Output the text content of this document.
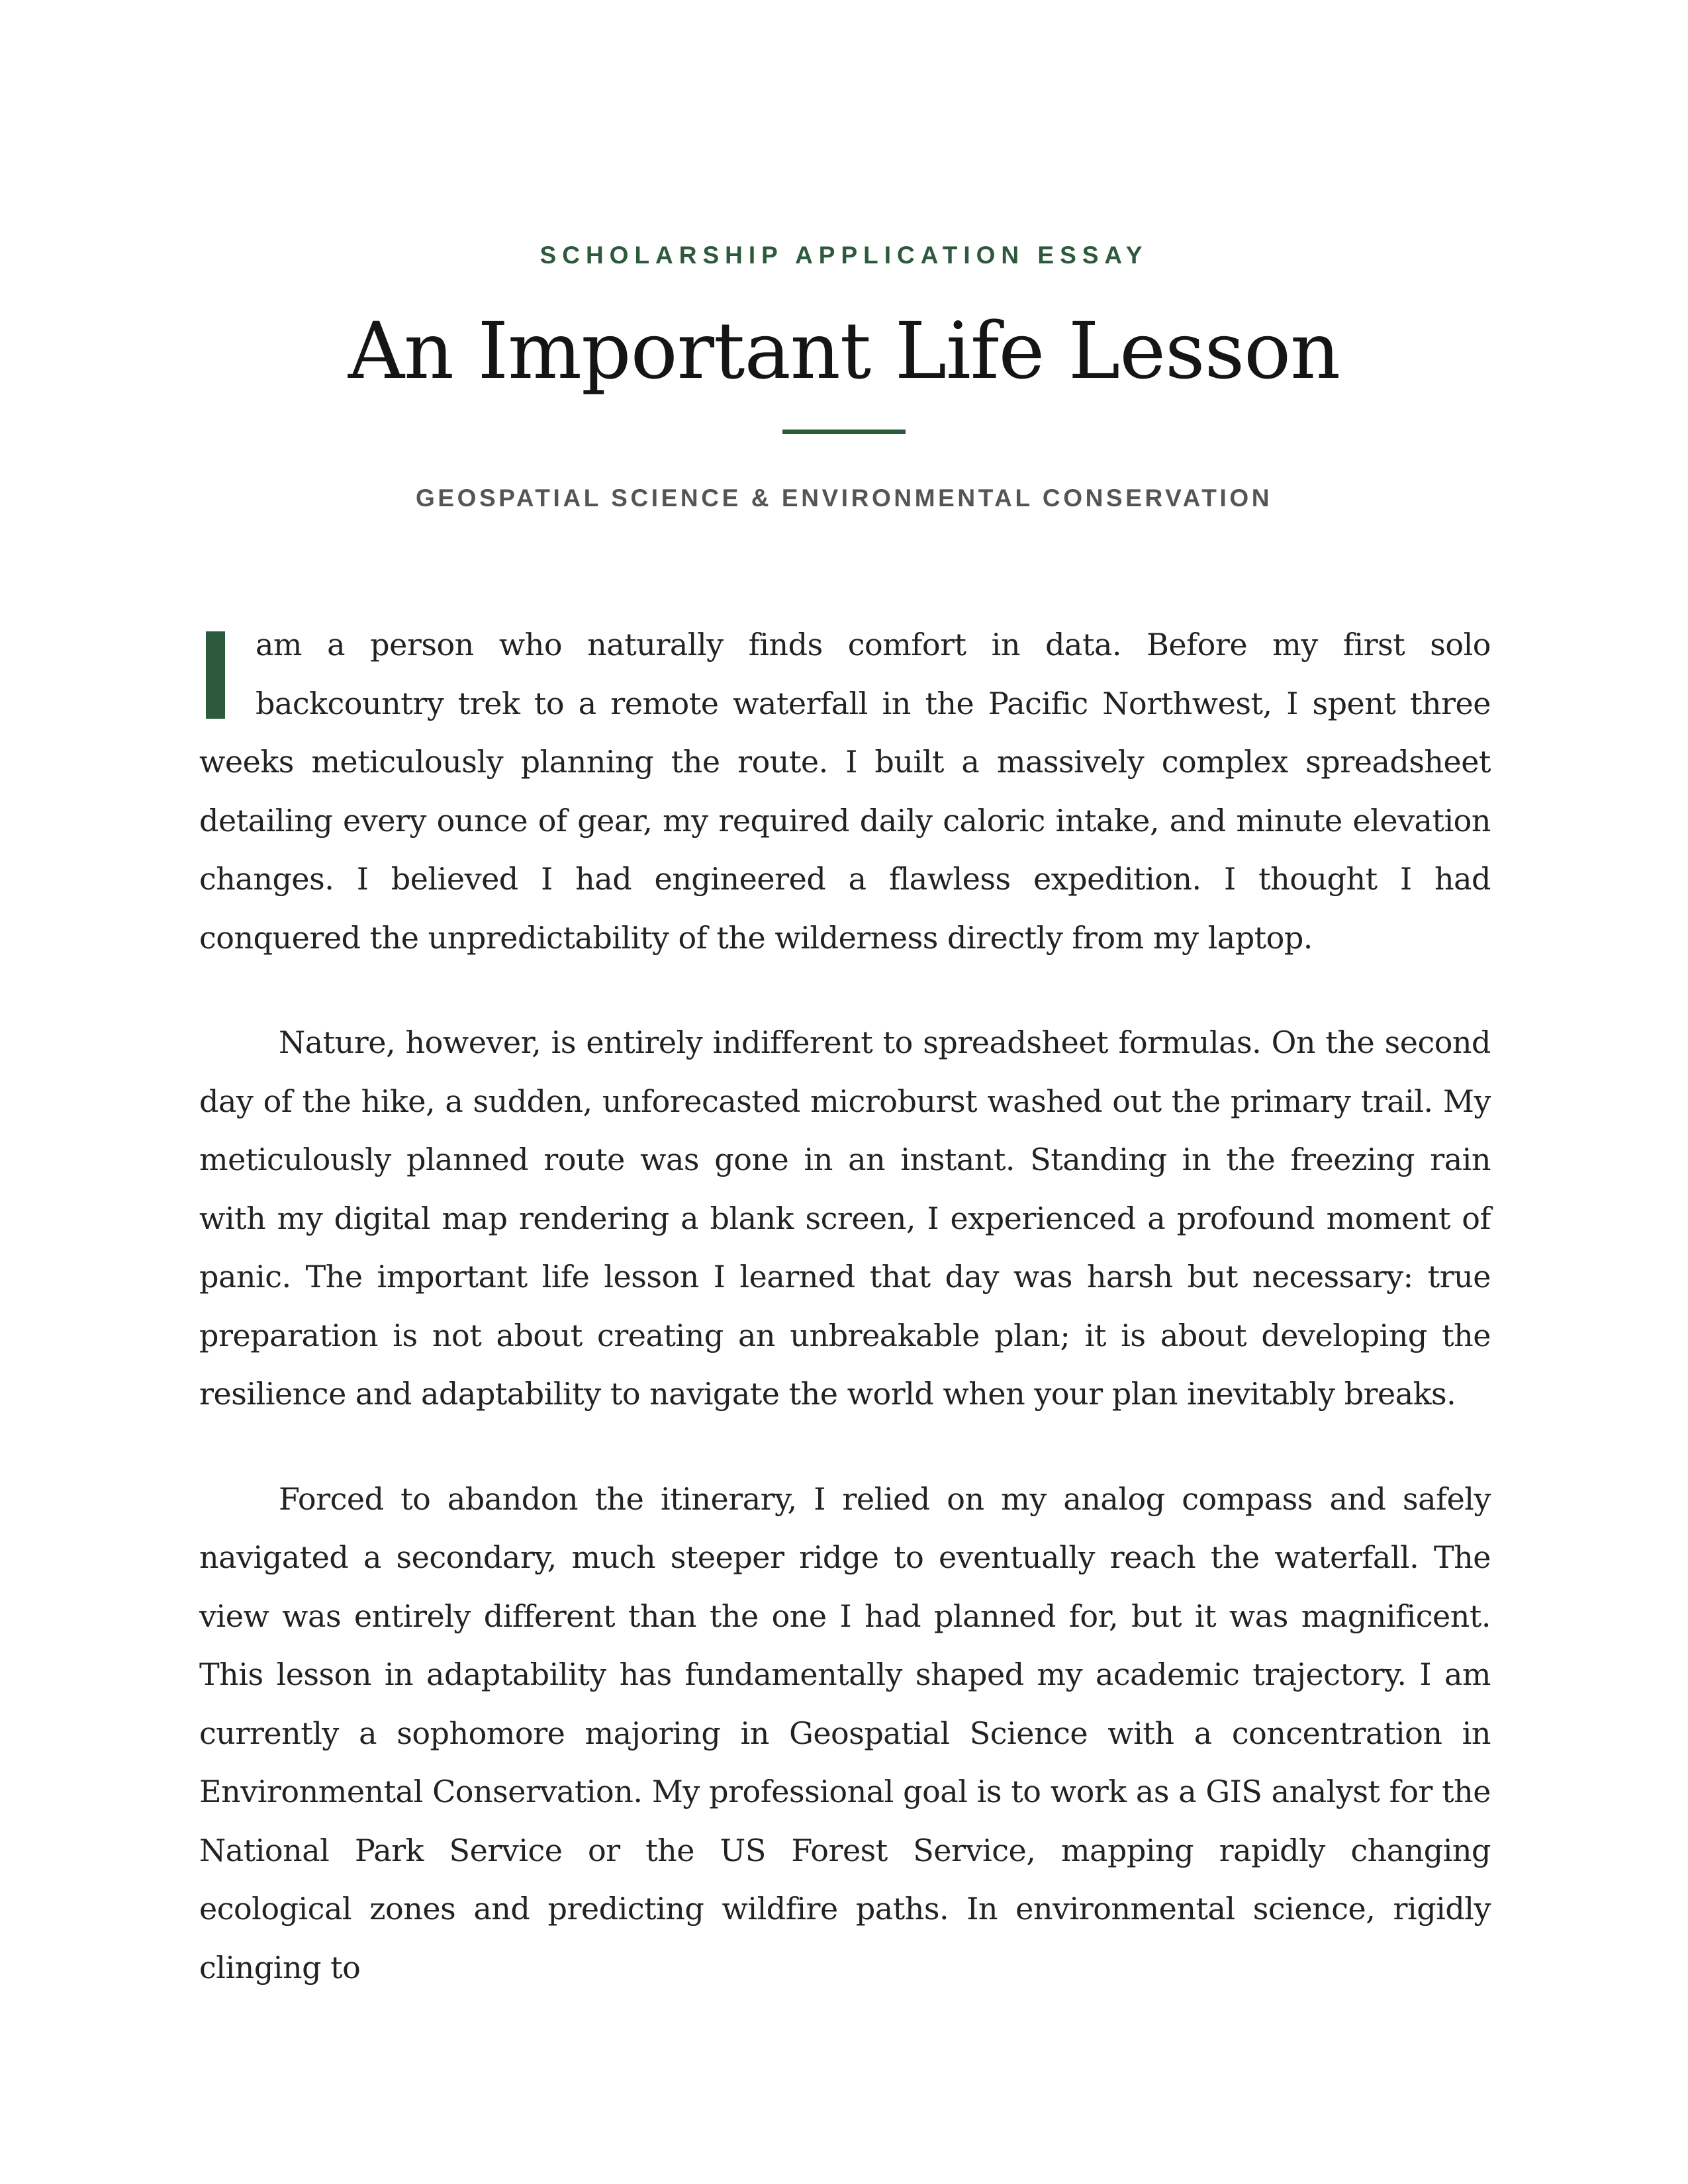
SCHOLARSHIP APPLICATION ESSAY
An Important Life Lesson
GEOSPATIAL SCIENCE & ENVIRONMENTAL CONSERVATION

am a person who naturally finds comfort in data. Before my first solo backcountry trek to a remote waterfall in the Pacific Northwest, I spent three weeks meticulously planning the route. I built a massively complex spreadsheet detailing every ounce of gear, my required daily caloric intake, and minute elevation changes. I believed I had engineered a flawless expedition. I thought I had conquered the unpredictability of the wilderness directly from my laptop.

Nature, however, is entirely indifferent to spreadsheet formulas. On the second day of the hike, a sudden, unforecasted microburst washed out the primary trail. My meticulously planned route was gone in an instant. Standing in the freezing rain with my digital map rendering a blank screen, I experienced a profound moment of panic. The important life lesson I learned that day was harsh but necessary: true preparation is not about creating an unbreakable plan; it is about developing the resilience and adaptability to navigate the world when your plan inevitably breaks.

Forced to abandon the itinerary, I relied on my analog compass and safely navigated a secondary, much steeper ridge to eventually reach the waterfall. The view was entirely different than the one I had planned for, but it was magnificent. This lesson in adaptability has fundamentally shaped my academic trajectory. I am currently a sophomore majoring in Geospatial Science with a concentration in Environmental Conservation. My professional goal is to work as a GIS analyst for the National Park Service or the US Forest Service, mapping rapidly changing ecological zones and predicting wildfire paths. In environmental science, rigidly clinging to
